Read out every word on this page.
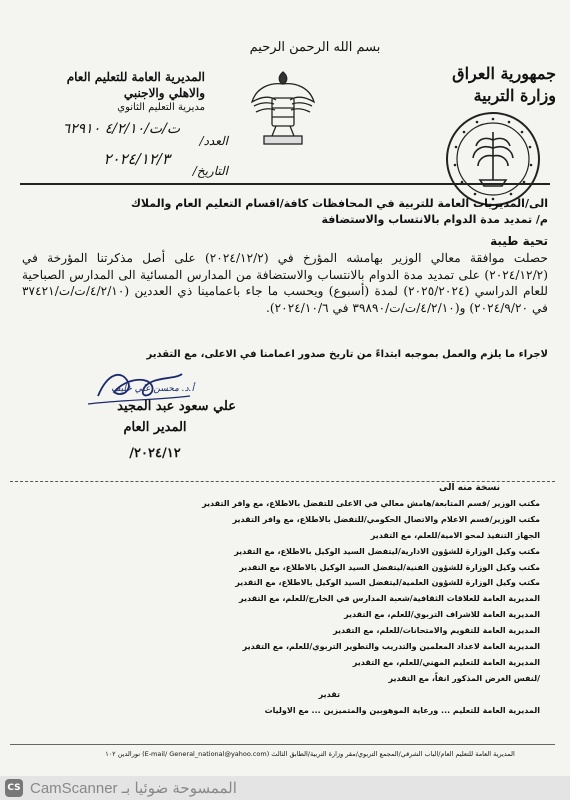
بسم الله الرحمن الرحيم
جمهورية العراق
وزارة التربية
المديرية العامة للتعليم العام
والاهلي والاجنبي
مديرية التعليم الثانوي
العدد/
ت/ت/٤/٢/١٠ ٦٢٩١٠
التاريخ/
٢٠٢٤/١٢/٣
الى/المديريات العامة للتربية في المحافظات كافة/اقسام التعليم العام والملاك
م/ تمديد مدة الدوام بالانتساب والاستضافة
تحية طيبة
حصلت موافقة معالي الوزير بهامشه المؤرخ في (٢٠٢٤/١٢/٢) على أصل مذكرتنا المؤرخة في (٢٠٢٤/١٢/٢) على تمديد مدة الدوام بالانتساب والاستضافة من المدارس المسائية الى المدارس الصباحية للعام الدراسي (٢٠٢٥/٢٠٢٤) لمدة (أسبوع) ويحسب ما جاء باعمامينا ذي العددين (٤/٢/١٠/ت/ت/٣٧٤٢١ في ٢٠٢٤/٩/٢٠) و(٤/٢/١٠/ت/ت/٣٩٨٩٠ في ٢٠٢٤/١٠/٦).
لاجراء ما يلزم والعمل بموجبه ابتداءً من تاريخ صدور اعمامنا في الاعلى، مع التقدير
أ.د. محسن علي خليف
علي سعود عبد المجيد
المدير العام
٢٠٢٤/١٢/
نسخة منه الى
مكتب الوزير /قسم المتابعة/هامش معالي في الاعلى للتفضل بالاطلاع، مع وافر التقدير
مكتب الوزير/قسم الاعلام والاتصال الحكومي/للتفضل بالاطلاع، مع وافر التقدير
الجهاز التنفيذ لمحو الامية/للعلم، مع التقدير
مكتب وكيل الوزارة للشؤون الادارية/ليتفضل السيد الوكيل بالاطلاع، مع التقدير
مكتب وكيل الوزارة للشؤون الفنية/ليتفضل السيد الوكيل بالاطلاع، مع التقدير
مكتب وكيل الوزارة للشؤون العلمية/ليتفضل السيد الوكيل بالاطلاع، مع التقدير
المديرية العامة للعلاقات الثقافية/شعبة المدارس في الخارج/للعلم، مع التقدير
المديرية العامة للاشراف التربوي/للعلم، مع التقدير
المديرية العامة للتقويم والامتحانات/للعلم، مع التقدير
المديرية العامة لاعداد المعلمين والتدريب والتطوير التربوي/للعلم، مع التقدير
المديرية العامة للتعليم المهني/للعلم، مع التقدير
/لنفس الغرض المذكور انفاً، مع التقدير
تقدير
المديرية العامة للتعليم ... ورعاية الموهوبين والمتميزين ... مع الاوليات
المديرية العامة للتعليم العام/الباب الشرقي/المجمع التربوي/مقر وزارة التربية/الطابق الثالث (E-mail/ General_national@yahoo.com) نورالدين ١٠٢
CS CamScanner الممسوحة ضوئيا بـ
